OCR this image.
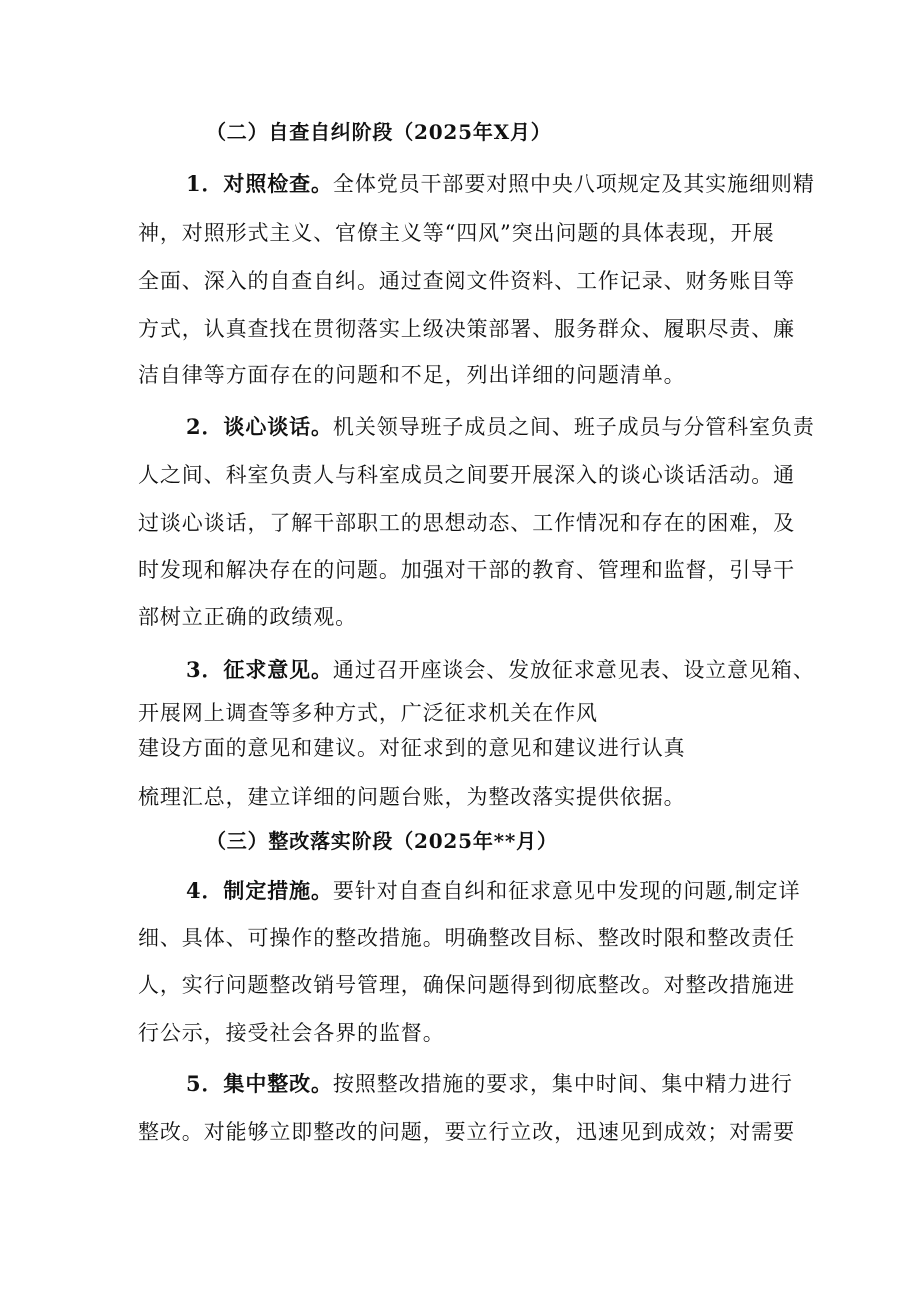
（二）自查自纠阶段（2025年X月）
1．对照检查。全体党员干部要对照中央八项规定及其实施细则精
神，对照形式主义、官僚主义等“四风”突出问题的具体表现，开展
全面、深入的自查自纠。通过查阅文件资料、工作记录、财务账目等
方式，认真查找在贯彻落实上级决策部署、服务群众、履职尽责、廉
洁自律等方面存在的问题和不足，列出详细的问题清单。
2．谈心谈话。机关领导班子成员之间、班子成员与分管科室负责
人之间、科室负责人与科室成员之间要开展深入的谈心谈话活动。通
过谈心谈话，了解干部职工的思想动态、工作情况和存在的困难，及
时发现和解决存在的问题。加强对干部的教育、管理和监督，引导干
部树立正确的政绩观。
3．征求意见。通过召开座谈会、发放征求意见表、设立意见箱、
开展网上调查等多种方式，广泛征求机关在作风
建设方面的意见和建议。对征求到的意见和建议进行认真
梳理汇总，建立详细的问题台账，为整改落实提供依据。
（三）整改落实阶段（2025年**月）
4．制定措施。要针对自查自纠和征求意见中发现的问题,制定详
细、具体、可操作的整改措施。明确整改目标、整改时限和整改责任
人，实行问题整改销号管理，确保问题得到彻底整改。对整改措施进
行公示，接受社会各界的监督。
5．集中整改。按照整改措施的要求，集中时间、集中精力进行
整改。对能够立即整改的问题，要立行立改，迅速见到成效；对需要
